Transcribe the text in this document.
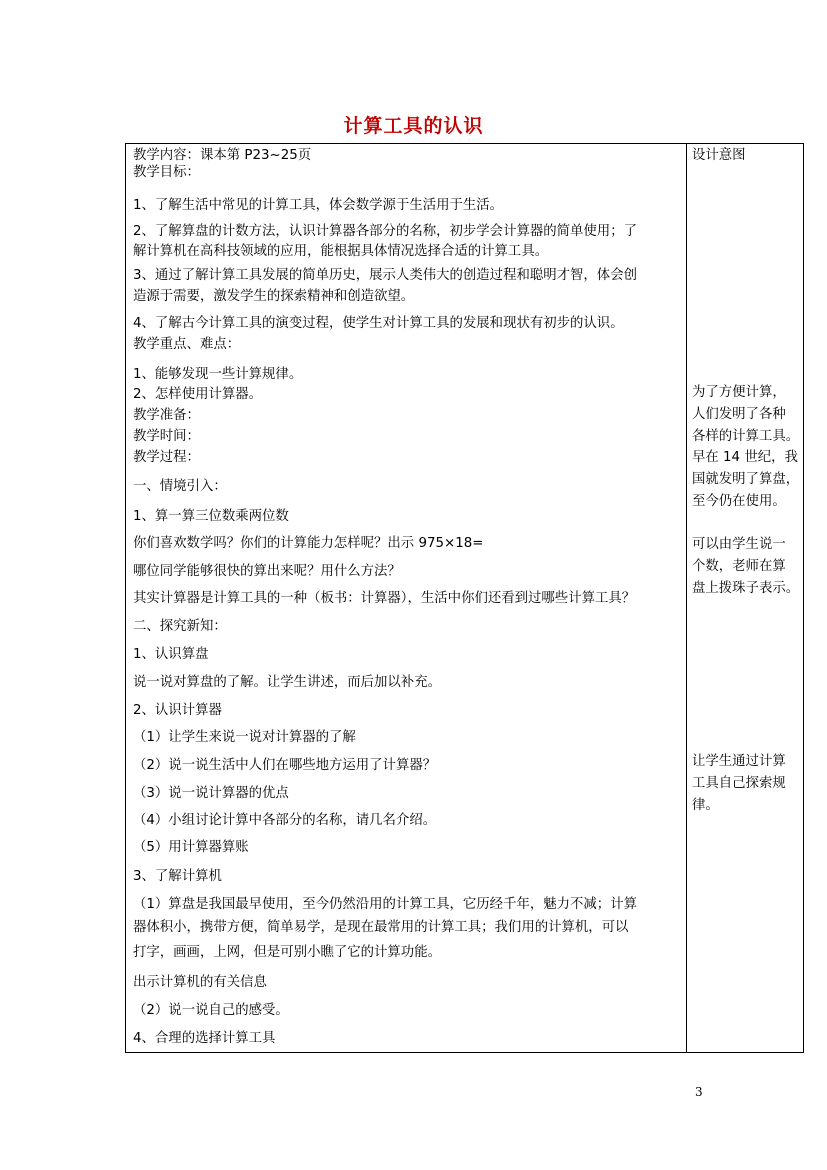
计算工具的认识
教学内容：课本第 P23~25页
教学目标：
1、了解生活中常见的计算工具，体会数学源于生活用于生活。
2、了解算盘的计数方法，认识计算器各部分的名称，初步学会计算器的简单使用；了
解计算机在高科技领域的应用，能根据具体情况选择合适的计算工具。
3、通过了解计算工具发展的简单历史，展示人类伟大的创造过程和聪明才智，体会创
造源于需要，激发学生的探索精神和创造欲望。
4、了解古今计算工具的演变过程，使学生对计算工具的发展和现状有初步的认识。
教学重点、难点：
1、能够发现一些计算规律。
2、怎样使用计算器。
教学准备：
教学时间：
教学过程：
一、情境引入：
1、算一算三位数乘两位数
你们喜欢数学吗？你们的计算能力怎样呢？出示 975×18=
哪位同学能够很快的算出来呢？用什么方法？
其实计算器是计算工具的一种（板书：计算器），生活中你们还看到过哪些计算工具？
二、探究新知：
1、认识算盘
说一说对算盘的了解。让学生讲述，而后加以补充。
2、认识计算器
（1）让学生来说一说对计算器的了解
（2）说一说生活中人们在哪些地方运用了计算器？
（3）说一说计算器的优点
（4）小组讨论计算中各部分的名称，请几名介绍。
（5）用计算器算账
3、了解计算机
（1）算盘是我国最早使用，至今仍然沿用的计算工具，它历经千年，魅力不减；计算
器体积小，携带方便，简单易学，是现在最常用的计算工具；我们用的计算机，可以
打字，画画，上网，但是可别小瞧了它的计算功能。
出示计算机的有关信息
（2）说一说自己的感受。
4、合理的选择计算工具
设计意图
为了方便计算，
人们发明了各种
各样的计算工具。
早在 14 世纪，我
国就发明了算盘，
至今仍在使用。
可以由学生说一
个数，老师在算
盘上拨珠子表示。
让学生通过计算
工具自己探索规
律。
3
